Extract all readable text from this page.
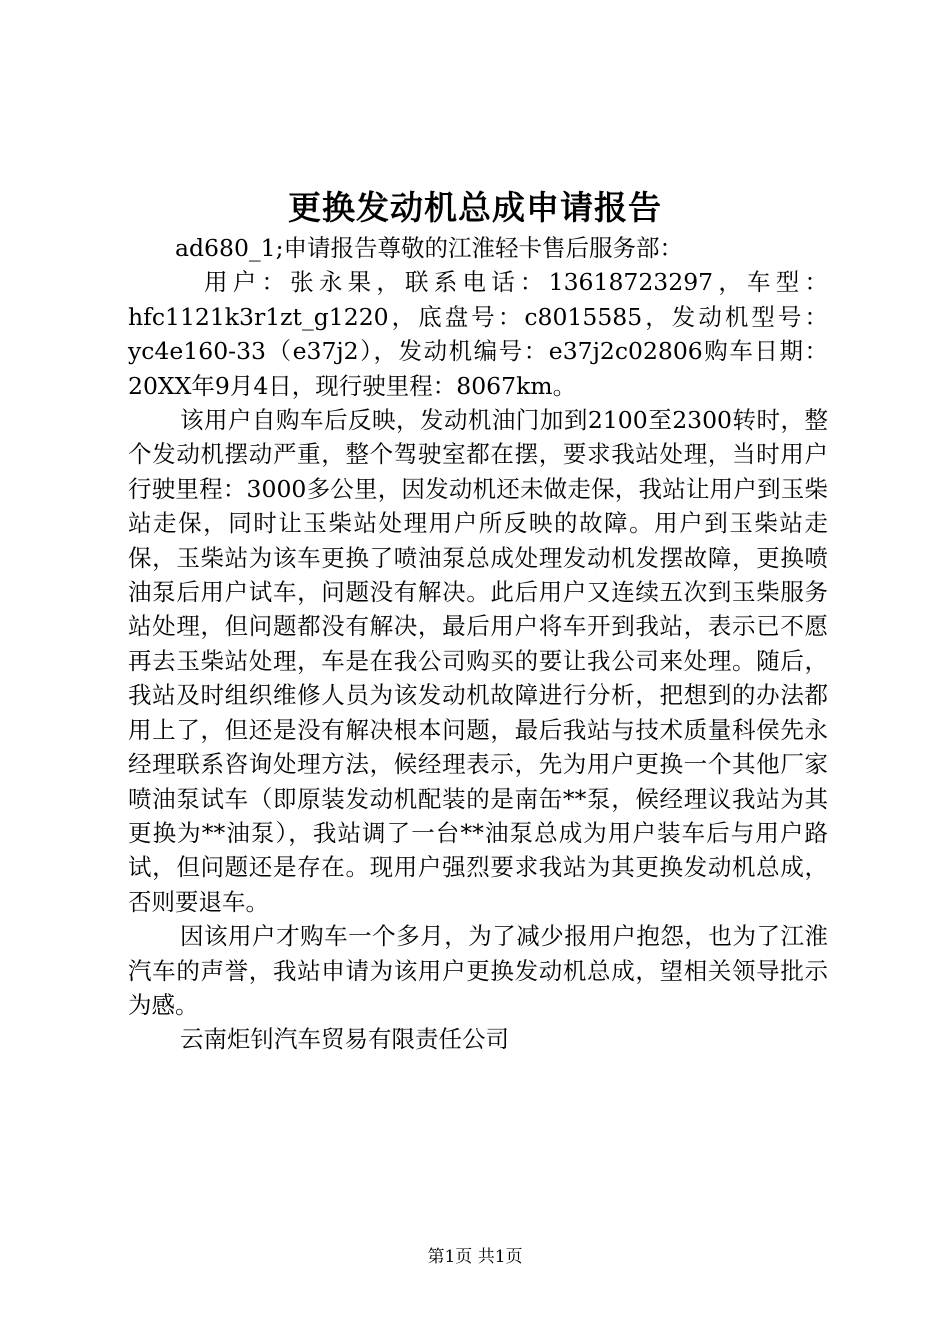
更换发动机总成申请报告

ad680_1;申请报告尊敬的江淮轻卡售后服务部：

用户：张永果，联系电话：13618723297，车型：hfc1121k3r1zt_g1220，底盘号：c8015585，发动机型号：yc4e160-33（e37j2），发动机编号：e37j2c02806购车日期：20XX年9月4日，现行驶里程：8067km。

该用户自购车后反映，发动机油门加到2100至2300转时，整个发动机摆动严重，整个驾驶室都在摆，要求我站处理，当时用户行驶里程：3000多公里，因发动机还未做走保，我站让用户到玉柴站走保，同时让玉柴站处理用户所反映的故障。用户到玉柴站走保，玉柴站为该车更换了喷油泵总成处理发动机发摆故障，更换喷油泵后用户试车，问题没有解决。此后用户又连续五次到玉柴服务站处理，但问题都没有解决，最后用户将车开到我站，表示已不愿再去玉柴站处理，车是在我公司购买的要让我公司来处理。随后，我站及时组织维修人员为该发动机故障进行分析，把想到的办法都用上了，但还是没有解决根本问题，最后我站与技术质量科侯先永经理联系咨询处理方法，候经理表示，先为用户更换一个其他厂家喷油泵试车（即原装发动机配装的是南缶**泵，候经理议我站为其更换为**油泵），我站调了一台**油泵总成为用户装车后与用户路试，但问题还是存在。现用户强烈要求我站为其更换发动机总成，否则要退车。

因该用户才购车一个多月，为了减少报用户抱怨，也为了江淮汽车的声誉，我站申请为该用户更换发动机总成，望相关领导批示为感。

云南炬钊汽车贸易有限责任公司

第1页 共1页
